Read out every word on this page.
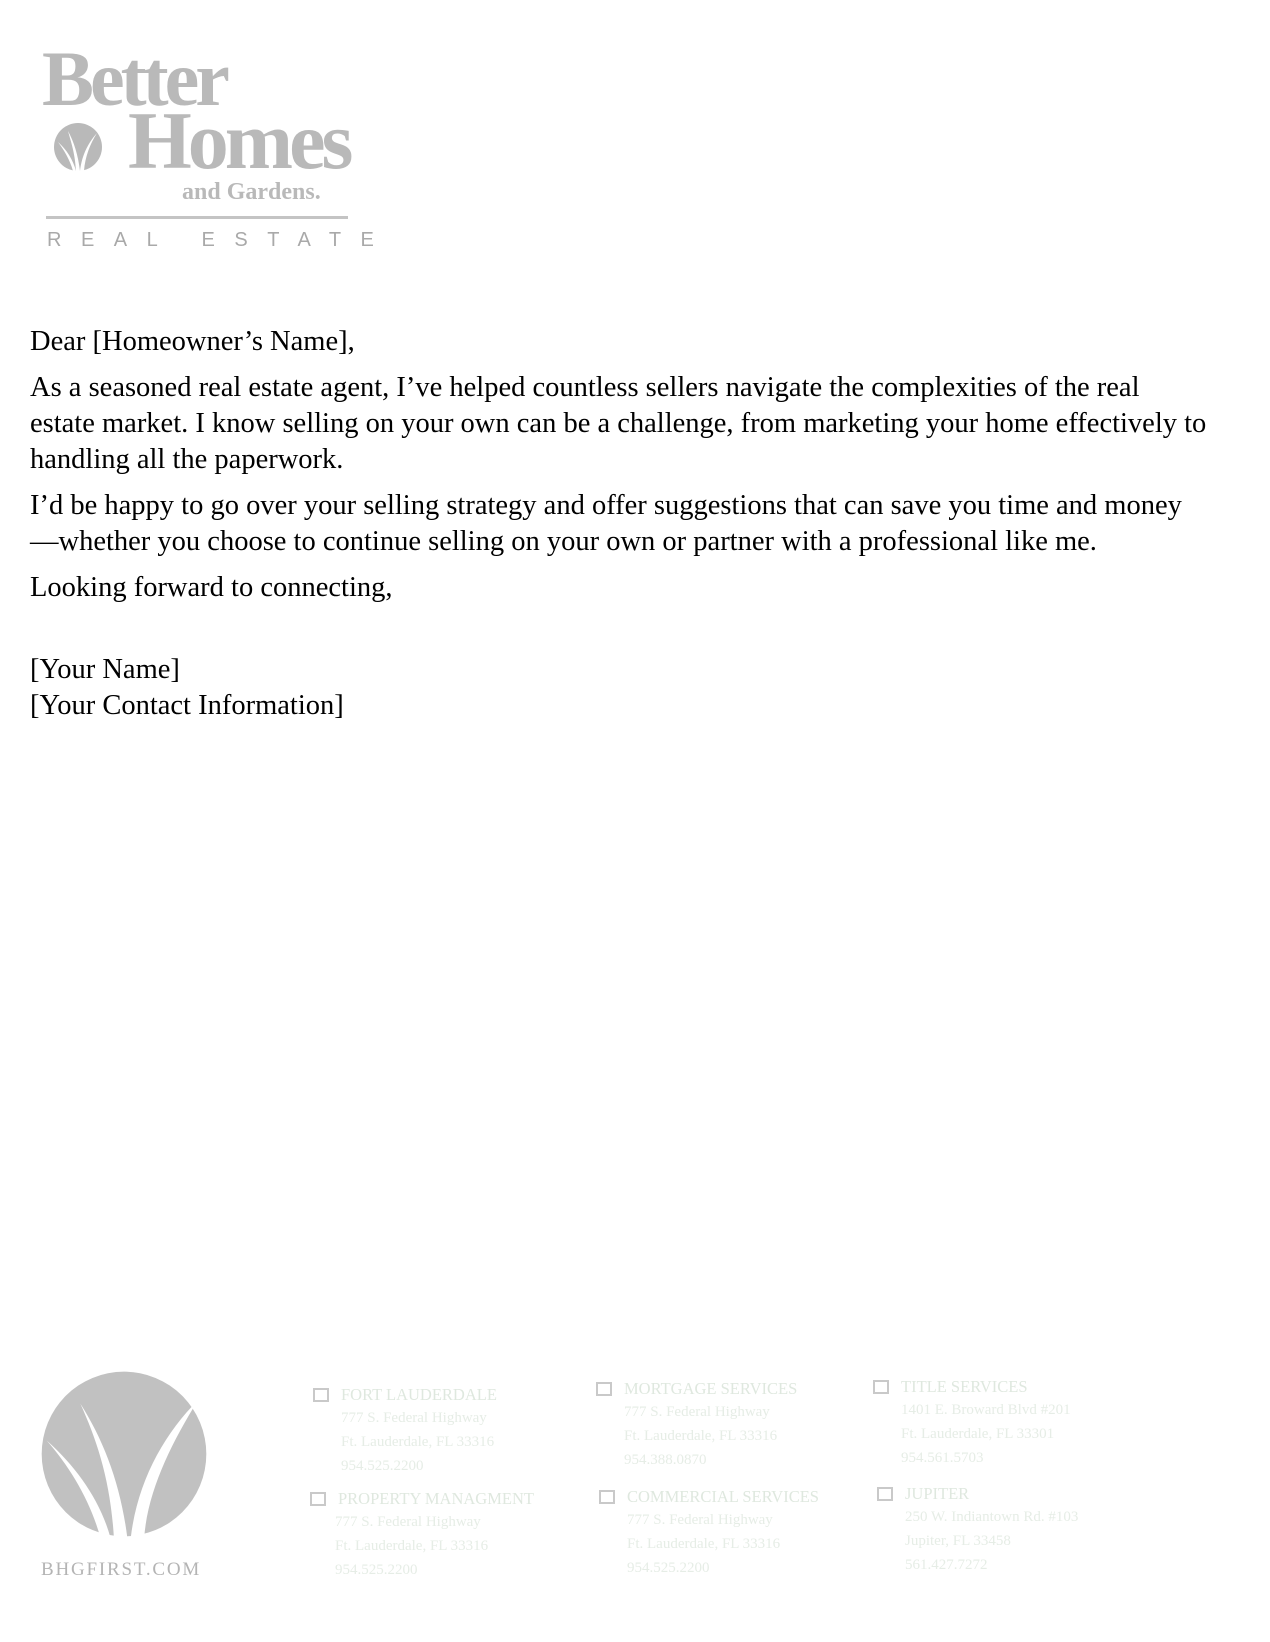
Better
Homes
and Gardens.
REAL ESTATE

Dear [Homeowner’s Name],

As a seasoned real estate agent, I’ve helped countless sellers navigate the complexities of the real estate market. I know selling on your own can be a challenge, from marketing your home effectively to handling all the paperwork.

I’d be happy to go over your selling strategy and offer suggestions that can save you time and money—whether you choose to continue selling on your own or partner with a professional like me.

Looking forward to connecting,

[Your Name]
[Your Contact Information]
BHGFIRST.COM
FORT LAUDERDALE
777 S. Federal Highway
Ft. Lauderdale, FL 33316
954.525.2200
MORTGAGE SERVICES
777 S. Federal Highway
Ft. Lauderdale, FL 33316
954.388.0870
TITLE SERVICES
1401 E. Broward Blvd #201
Ft. Lauderdale, FL 33301
954.561.5703
PROPERTY MANAGMENT
777 S. Federal Highway
Ft. Lauderdale, FL 33316
954.525.2200
COMMERCIAL SERVICES
777 S. Federal Highway
Ft. Lauderdale, FL 33316
954.525.2200
JUPITER
250 W. Indiantown Rd. #103
Jupiter, FL 33458
561.427.7272
